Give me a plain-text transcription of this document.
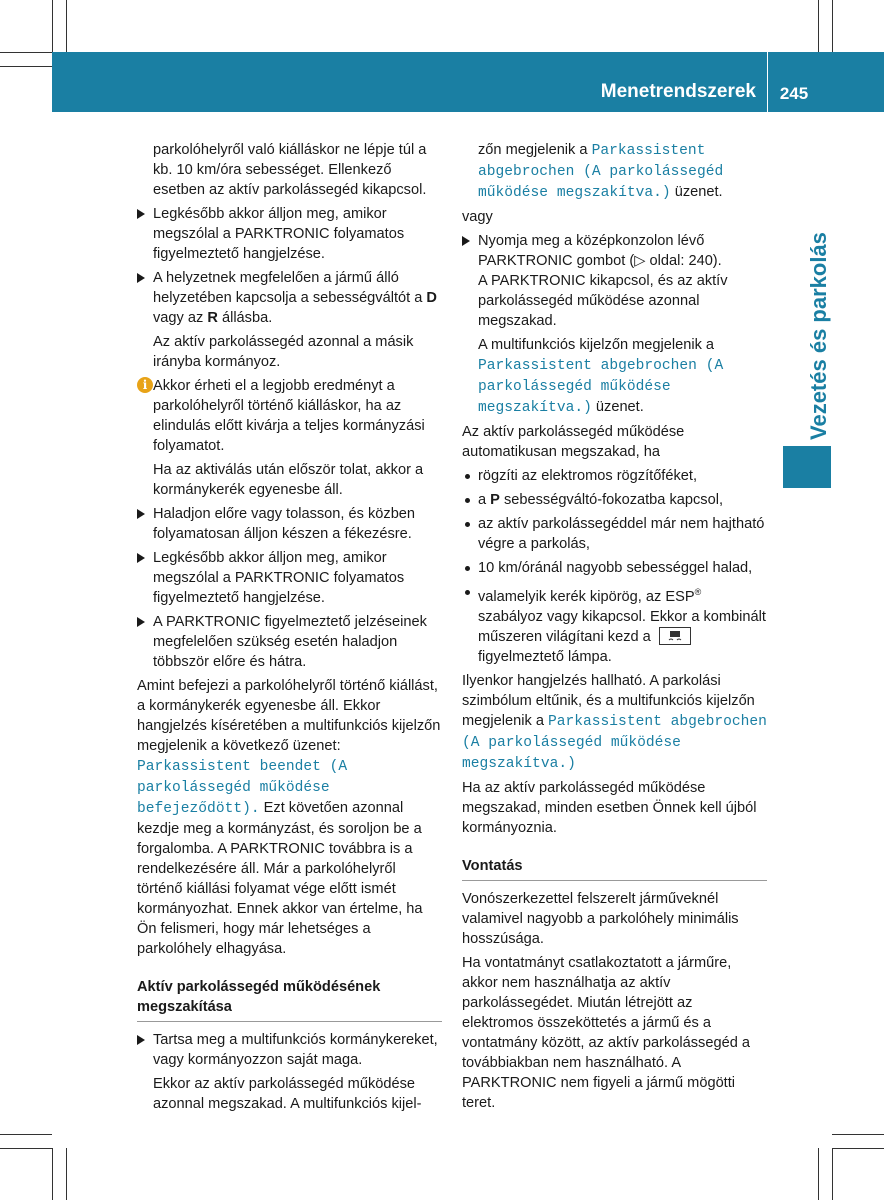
Menetrendszerek	245
Vezetés és parkolás

parkolóhelyről való kiálláskor ne lépje túl a kb. 10 km/óra sebességet. Ellenkező esetben az aktív parkolássegéd kikapcsol.

Legkésőbb akkor álljon meg, amikor megszólal a PARKTRONIC folyamatos figyelmeztető hangjelzése.
A helyzetnek megfelelően a jármű álló helyzetében kapcsolja a sebességváltót a D vagy az R állásba.

Az aktív parkolássegéd azonnal a másik irányba kormányoz.

i Akkor érheti el a legjobb eredményt a parkolóhelyről történő kiálláskor, ha az elindulás előtt kivárja a teljes kormányzási folyamatot.

Ha az aktiválás után először tolat, akkor a kormánykerék egyenesbe áll.

Haladjon előre vagy tolasson, és közben folyamatosan álljon készen a fékezésre.
Legkésőbb akkor álljon meg, amikor megszólal a PARKTRONIC folyamatos figyelmeztető hangjelzése.
A PARKTRONIC figyelmeztető jelzéseinek megfelelően szükség esetén haladjon többször előre és hátra.

Amint befejezi a parkolóhelyről történő kiállást, a kormánykerék egyenesbe áll. Ekkor hangjelzés kíséretében a multifunkciós kijelzőn megjelenik a következő üzenet: Parkassistent beendet (A parkolássegéd működése befejeződött). Ezt követően azonnal kezdje meg a kormányzást, és soroljon be a forgalomba. A PARKTRONIC továbbra is a rendelkezésére áll. Már a parkolóhelyről történő kiállási folyamat vége előtt ismét kormányozhat. Ennek akkor van értelme, ha Ön felismeri, hogy már lehetséges a parkolóhely elhagyása.

Aktív parkolássegéd működésének megszakítása
Tartsa meg a multifunkciós kormánykereket, vagy kormányozzon saját maga.

Ekkor az aktív parkolássegéd működése azonnal megszakad. A multifunkciós kijel-

zőn megjelenik a Parkassistent abgebrochen (A parkolássegéd működése megszakítva.) üzenet.

vagy

Nyomja meg a középkonzolon lévő PARKTRONIC gombot (▷ oldal: 240).

A PARKTRONIC kikapcsol, és az aktív parkolássegéd működése azonnal megszakad.

A multifunkciós kijelzőn megjelenik a Parkassistent abgebrochen (A parkolássegéd működése megszakítva.) üzenet.

Az aktív parkolássegéd működése automatikusan megszakad, ha

rögzíti az elektromos rögzítőféket,
a P sebességváltó-fokozatba kapcsol,
az aktív parkolássegéddel már nem hajtható végre a parkolás,
10 km/óránál nagyobb sebességgel halad,
valamelyik kerék kipörög, az ESP® szabályoz vagy kikapcsol. Ekkor a kombinált műszeren világítani kezd a  figyelmeztető lámpa.

Ilyenkor hangjelzés hallható. A parkolási szimbólum eltűnik, és a multifunkciós kijelzőn megjelenik a Parkassistent abgebrochen (A parkolássegéd működése megszakítva.)

Ha az aktív parkolássegéd működése megszakad, minden esetben Önnek kell újból kormányoznia.

Vontatás

Vonószerkezettel felszerelt járműveknél valamivel nagyobb a parkolóhely minimális hosszúsága.

Ha vontatmányt csatlakoztatott a járműre, akkor nem használhatja az aktív parkolássegédet. Miután létrejött az elektromos összeköttetés a jármű és a vontatmány között, az aktív parkolássegéd a továbbiakban nem használható. A PARKTRONIC nem figyeli a jármű mögötti teret.
